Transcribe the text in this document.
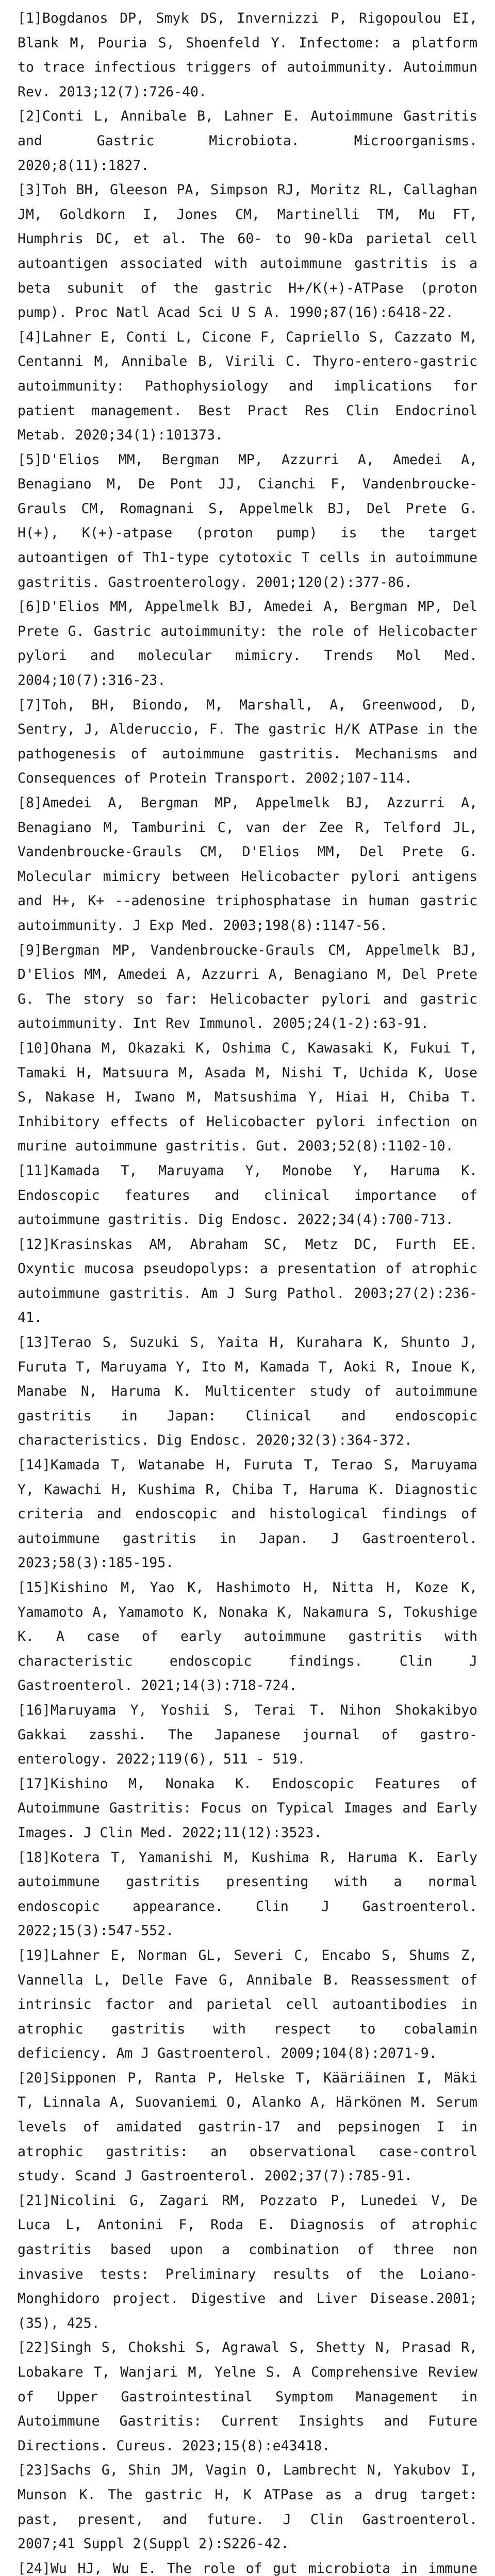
[1]Bogdanos DP, Smyk DS, Invernizzi P, Rigopoulou EI, Blank M, Pouria S, Shoenfeld Y. Infectome: a platform to trace infectious triggers of autoimmunity. Autoimmun Rev. 2013;12(7):726-40.

[2]Conti L, Annibale B, Lahner E. Autoimmune Gastritis and Gastric Microbiota. Microorganisms. 2020;8(11):1827.

[3]Toh BH, Gleeson PA, Simpson RJ, Moritz RL, Callaghan JM, Goldkorn I, Jones CM, Martinelli TM, Mu FT, Humphris DC, et al. The 60- to 90-kDa parietal cell autoantigen associated with autoimmune gastritis is a beta subunit of the gastric H+/K(+)-ATPase (proton pump). Proc Natl Acad Sci U S A. 1990;87(16):6418-22.

[4]Lahner E, Conti L, Cicone F, Capriello S, Cazzato M, Centanni M, Annibale B, Virili C. Thyro-entero-gastric autoimmunity: Pathophysiology and implications for patient management. Best Pract Res Clin Endocrinol Metab. 2020;34(1):101373.

[5]D'Elios MM, Bergman MP, Azzurri A, Amedei A, Benagiano M, De Pont JJ, Cianchi F, Vandenbroucke-Grauls CM, Romagnani S, Appelmelk BJ, Del Prete G. H(+), K(+)-atpase (proton pump) is the target autoantigen of Th1-type cytotoxic T cells in autoimmune gastritis. Gastroenterology. 2001;120(2):377-86.

[6]D'Elios MM, Appelmelk BJ, Amedei A, Bergman MP, Del Prete G. Gastric autoimmunity: the role of Helicobacter pylori and molecular mimicry. Trends Mol Med. 2004;10(7):316-23.

[7]Toh, BH, Biondo, M, Marshall, A, Greenwood, D, Sentry, J, Alderuccio, F. The gastric H/K ATPase in the pathogenesis of autoimmune gastritis. Mechanisms and Consequences of Protein Transport. 2002;107-114.

[8]Amedei A, Bergman MP, Appelmelk BJ, Azzurri A, Benagiano M, Tamburini C, van der Zee R, Telford JL, Vandenbroucke-Grauls CM, D'Elios MM, Del Prete G. Molecular mimicry between Helicobacter pylori antigens and H+, K+ --adenosine triphosphatase in human gastric autoimmunity. J Exp Med. 2003;198(8):1147-56.

[9]Bergman MP, Vandenbroucke-Grauls CM, Appelmelk BJ, D'Elios MM, Amedei A, Azzurri A, Benagiano M, Del Prete G. The story so far: Helicobacter pylori and gastric autoimmunity. Int Rev Immunol. 2005;24(1-2):63-91.

[10]Ohana M, Okazaki K, Oshima C, Kawasaki K, Fukui T, Tamaki H, Matsuura M, Asada M, Nishi T, Uchida K, Uose S, Nakase H, Iwano M, Matsushima Y, Hiai H, Chiba T. Inhibitory effects of Helicobacter pylori infection on murine autoimmune gastritis. Gut. 2003;52(8):1102-10.

[11]Kamada T, Maruyama Y, Monobe Y, Haruma K. Endoscopic features and clinical importance of autoimmune gastritis. Dig Endosc. 2022;34(4):700-713.

[12]Krasinskas AM, Abraham SC, Metz DC, Furth EE. Oxyntic mucosa pseudopolyps: a presentation of atrophic autoimmune gastritis. Am J Surg Pathol. 2003;27(2):236-41.

[13]Terao S, Suzuki S, Yaita H, Kurahara K, Shunto J, Furuta T, Maruyama Y, Ito M, Kamada T, Aoki R, Inoue K, Manabe N, Haruma K. Multicenter study of autoimmune gastritis in Japan: Clinical and endoscopic characteristics. Dig Endosc. 2020;32(3):364-372.

[14]Kamada T, Watanabe H, Furuta T, Terao S, Maruyama Y, Kawachi H, Kushima R, Chiba T, Haruma K. Diagnostic criteria and endoscopic and histological findings of autoimmune gastritis in Japan. J Gastroenterol. 2023;58(3):185-195.

[15]Kishino M, Yao K, Hashimoto H, Nitta H, Koze K, Yamamoto A, Yamamoto K, Nonaka K, Nakamura S, Tokushige K. A case of early autoimmune gastritis with characteristic endoscopic findings. Clin J Gastroenterol. 2021;14(3):718-724.

[16]Maruyama Y, Yoshii S, Terai T. Nihon Shokakibyo Gakkai zasshi. The Japanese journal of gastro-enterology. 2022;119(6), 511 - 519.

[17]Kishino M, Nonaka K. Endoscopic Features of Autoimmune Gastritis: Focus on Typical Images and Early Images. J Clin Med. 2022;11(12):3523.

[18]Kotera T, Yamanishi M, Kushima R, Haruma K. Early autoimmune gastritis presenting with a normal endoscopic appearance. Clin J Gastroenterol. 2022;15(3):547-552.

[19]Lahner E, Norman GL, Severi C, Encabo S, Shums Z, Vannella L, Delle Fave G, Annibale B. Reassessment of intrinsic factor and parietal cell autoantibodies in atrophic gastritis with respect to cobalamin deficiency. Am J Gastroenterol. 2009;104(8):2071-9.

[20]Sipponen P, Ranta P, Helske T, Kääriäinen I, Mäki T, Linnala A, Suovaniemi O, Alanko A, Härkönen M. Serum levels of amidated gastrin-17 and pepsinogen I in atrophic gastritis: an observational case-control study. Scand J Gastroenterol. 2002;37(7):785-91.

[21]Nicolini G, Zagari RM, Pozzato P, Lunedei V, De Luca L, Antonini F, Roda E. Diagnosis of atrophic gastritis based upon a combination of three non invasive tests: Preliminary results of the Loiano-Monghidoro project. Digestive and Liver Disease.2001; (35), 425.

[22]Singh S, Chokshi S, Agrawal S, Shetty N, Prasad R, Lobakare T, Wanjari M, Yelne S. A Comprehensive Review of Upper Gastrointestinal Symptom Management in Autoimmune Gastritis: Current Insights and Future Directions. Cureus. 2023;15(8):e43418.

[23]Sachs G, Shin JM, Vagin O, Lambrecht N, Yakubov I, Munson K. The gastric H, K ATPase as a drug target: past, present, and future. J Clin Gastroenterol. 2007;41 Suppl 2(Suppl 2):S226-42.

[24]Wu HJ, Wu E. The role of gut microbiota in immune
